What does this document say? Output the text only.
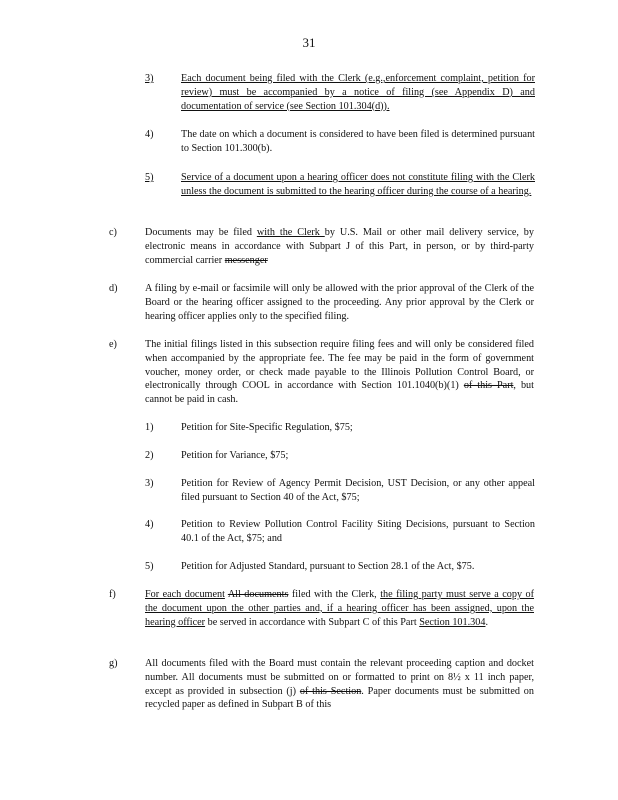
31
3)	Each document being filed with the Clerk (e.g.,enforcement complaint, petition for review) must be accompanied by a notice of filing (see Appendix D) and documentation of service (see Section 101.304(d)).
4)	The date on which a document is considered to have been filed is determined pursuant to Section 101.300(b).
5)	Service of a document upon a hearing officer does not constitute filing with the Clerk unless the document is submitted to the hearing officer during the course of a hearing.
c)	Documents may be filed with the Clerk by U.S. Mail or other mail delivery service, by electronic means in accordance with Subpart J of this Part, in person, or by third-party commercial carrier messenger
d)	A filing by e-mail or facsimile will only be allowed with the prior approval of the Clerk of the Board or the hearing officer assigned to the proceeding. Any prior approval by the Clerk or hearing officer applies only to the specified filing.
e)	The initial filings listed in this subsection require filing fees and will only be considered filed when accompanied by the appropriate fee. The fee may be paid in the form of government voucher, money order, or check made payable to the Illinois Pollution Control Board, or electronically through COOL in accordance with Section 101.1040(b)(1) of this Part, but cannot be paid in cash.
1)	Petition for Site-Specific Regulation, $75;
2)	Petition for Variance, $75;
3)	Petition for Review of Agency Permit Decision, UST Decision, or any other appeal filed pursuant to Section 40 of the Act, $75;
4)	Petition to Review Pollution Control Facility Siting Decisions, pursuant to Section 40.1 of the Act, $75; and
5)	Petition for Adjusted Standard, pursuant to Section 28.1 of the Act, $75.
f)	For each document All documents filed with the Clerk, the filing party must serve a copy of the document upon the other parties and, if a hearing officer has been assigned, upon the hearing officer be served in accordance with Subpart C of this Part Section 101.304.
g)	All documents filed with the Board must contain the relevant proceeding caption and docket number. All documents must be submitted on or formatted to print on 8½ x 11 inch paper, except as provided in subsection (j) of this Section. Paper documents must be submitted on recycled paper as defined in Subpart B of this
